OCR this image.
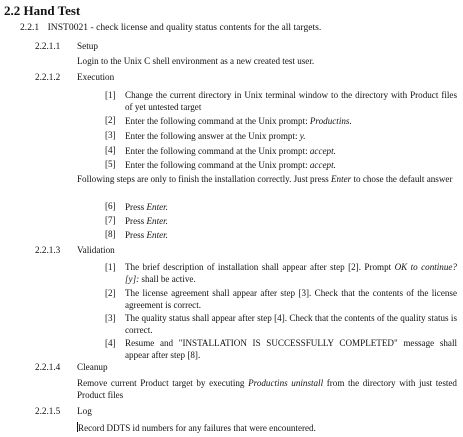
2.2 Hand Test
2.2.1 INST0021 - check license and quality status contents for the all targets.
2.2.1.1 Setup
Login to the Unix C shell environment as a new created test user.
2.2.1.2 Execution
[1] Change the current directory in Unix terminal window to the directory with Product files of yet untested target
[2] Enter the following command at the Unix prompt: Productins.
[3] Enter the following answer at the Unix prompt: y.
[4] Enter the following command at the Unix prompt: accept.
[5] Enter the following command at the Unix prompt: accept.
Following steps are only to finish the installation correctly. Just press Enter to chose the default answer
[6] Press Enter.
[7] Press Enter.
[8] Press Enter.
2.2.1.3 Validation
[1] The brief description of installation shall appear after step [2]. Prompt OK to continue? [y]: shall be active.
[2] The license agreement shall appear after step [3]. Check that the contents of the license agreement is correct.
[3] The quality status shall appear after step [4]. Check that the contents of the quality status is correct.
[4] Resume and "INSTALLATION IS SUCCESSFULLY COMPLETED" message shall appear after step [8].
2.2.1.4 Cleanup
Remove current Product target by executing Productins uninstall from the directory with just tested Product files
2.2.1.5 Log
Record DDTS id numbers for any failures that were encountered.
